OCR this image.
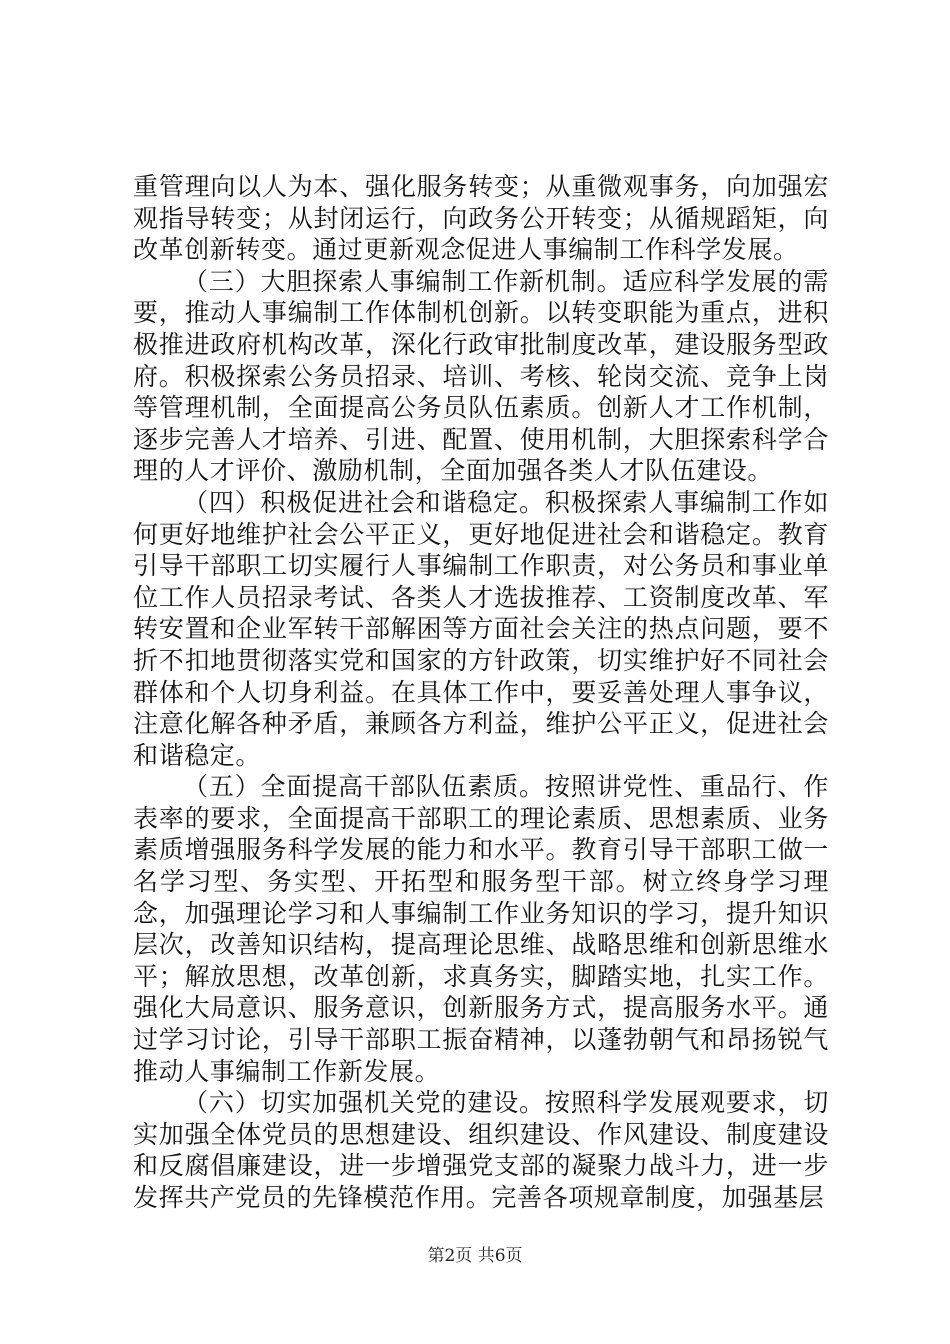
重管理向以人为本、强化服务转变；从重微观事务，向加强宏观指导转变；从封闭运行，向政务公开转变；从循规蹈矩，向改革创新转变。通过更新观念促进人事编制工作科学发展。

（三）大胆探索人事编制工作新机制。适应科学发展的需要，推动人事编制工作体制机创新。以转变职能为重点，进积极推进政府机构改革，深化行政审批制度改革，建设服务型政府。积极探索公务员招录、培训、考核、轮岗交流、竞争上岗等管理机制，全面提高公务员队伍素质。创新人才工作机制，逐步完善人才培养、引进、配置、使用机制，大胆探索科学合理的人才评价、激励机制，全面加强各类人才队伍建设。

（四）积极促进社会和谐稳定。积极探索人事编制工作如何更好地维护社会公平正义，更好地促进社会和谐稳定。教育引导干部职工切实履行人事编制工作职责，对公务员和事业单位工作人员招录考试、各类人才选拔推荐、工资制度改革、军转安置和企业军转干部解困等方面社会关注的热点问题，要不折不扣地贯彻落实党和国家的方针政策，切实维护好不同社会群体和个人切身利益。在具体工作中，要妥善处理人事争议，注意化解各种矛盾，兼顾各方利益，维护公平正义，促进社会和谐稳定。

（五）全面提高干部队伍素质。按照讲党性、重品行、作表率的要求，全面提高干部职工的理论素质、思想素质、业务素质增强服务科学发展的能力和水平。教育引导干部职工做一名学习型、务实型、开拓型和服务型干部。树立终身学习理念，加强理论学习和人事编制工作业务知识的学习，提升知识层次，改善知识结构，提高理论思维、战略思维和创新思维水平；解放思想，改革创新，求真务实，脚踏实地，扎实工作。强化大局意识、服务意识，创新服务方式，提高服务水平。通过学习讨论，引导干部职工振奋精神，以蓬勃朝气和昂扬锐气推动人事编制工作新发展。

（六）切实加强机关党的建设。按照科学发展观要求，切实加强全体党员的思想建设、组织建设、作风建设、制度建设和反腐倡廉建设，进一步增强党支部的凝聚力战斗力，进一步发挥共产党员的先锋模范作用。完善各项规章制度，加强基层

第2页 共6页
